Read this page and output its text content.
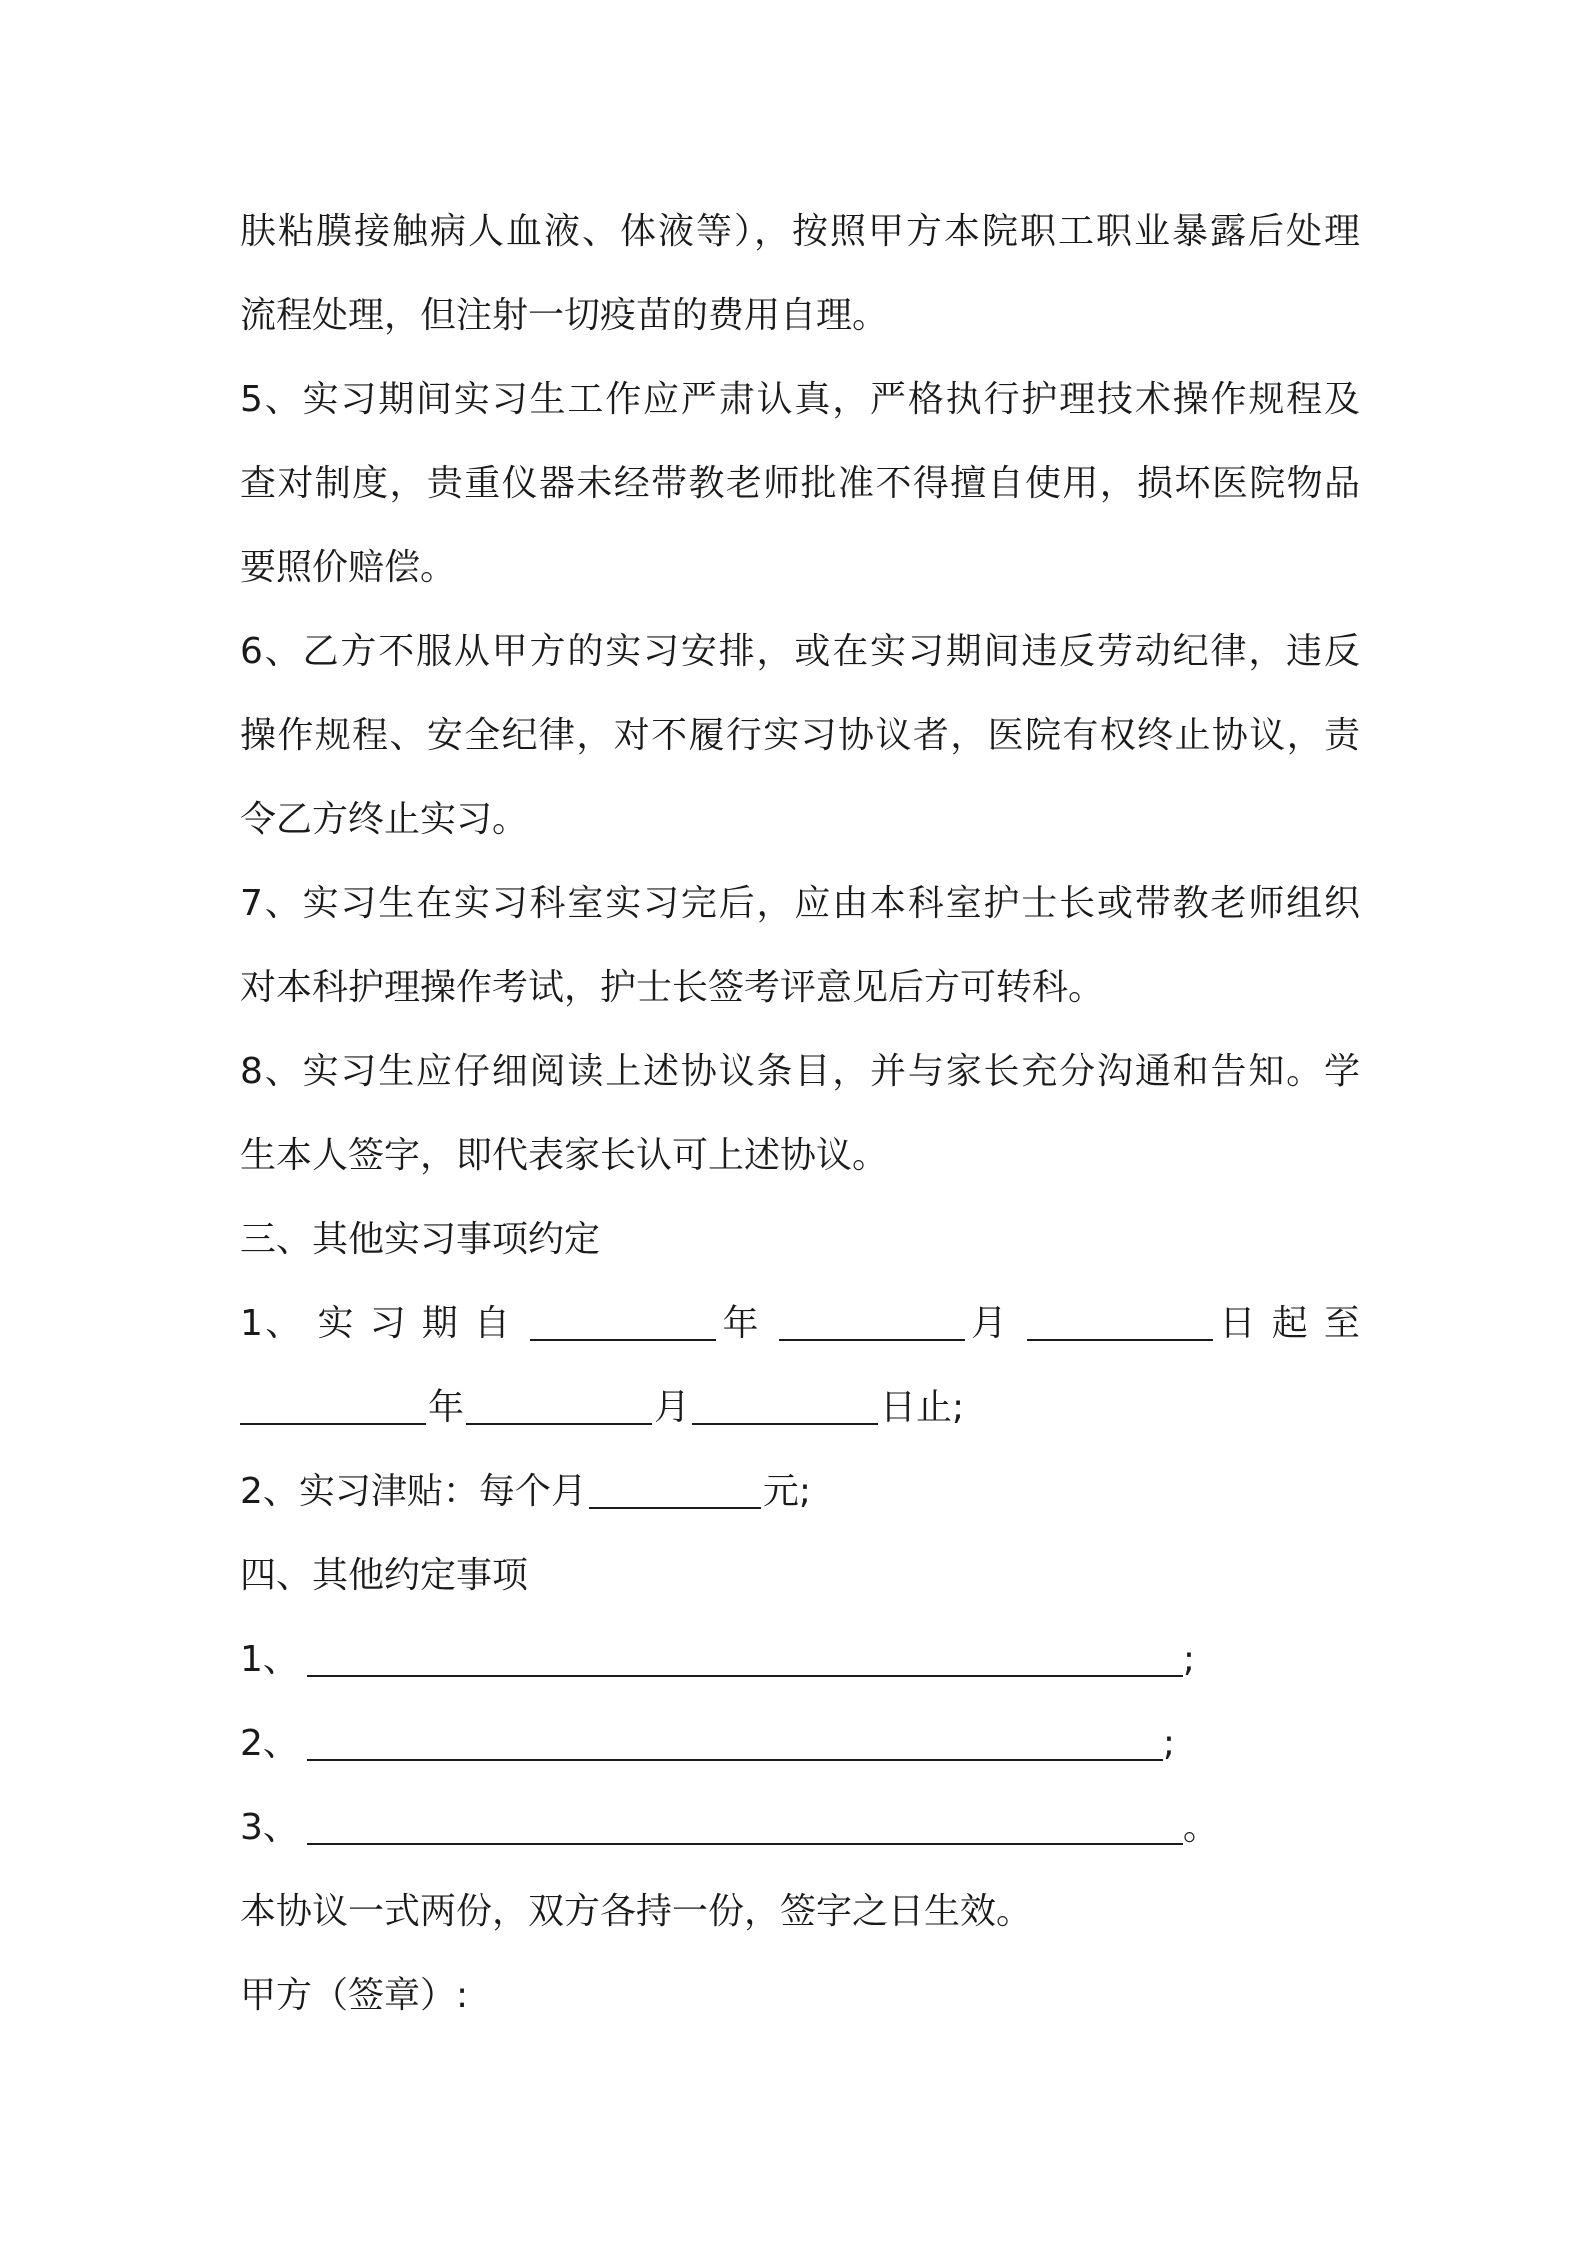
肤粘膜接触病人血液、体液等），按照甲方本院职工职业暴露后处理
流程处理，但注射一切疫苗的费用自理。
5、实习期间实习生工作应严肃认真，严格执行护理技术操作规程及
查对制度，贵重仪器未经带教老师批准不得擅自使用，损坏医院物品
要照价赔偿。
6、乙方不服从甲方的实习安排，或在实习期间违反劳动纪律，违反
操作规程、安全纪律，对不履行实习协议者，医院有权终止协议，责
令乙方终止实习。
7、实习生在实习科室实习完后，应由本科室护士长或带教老师组织
对本科护理操作考试，护士长签考评意见后方可转科。
8、实习生应仔细阅读上述协议条目，并与家长充分沟通和告知。学
生本人签字，即代表家长认可上述协议。
三、其他实习事项约定
1、 实 习 期 自	年	月	日 起 至
年	月	日止;
2、实习津贴：每个月	元;
四、其他约定事项
1、	;
2、	;
3、	。
本协议一式两份，双方各持一份，签字之日生效。
甲方（签章）:
